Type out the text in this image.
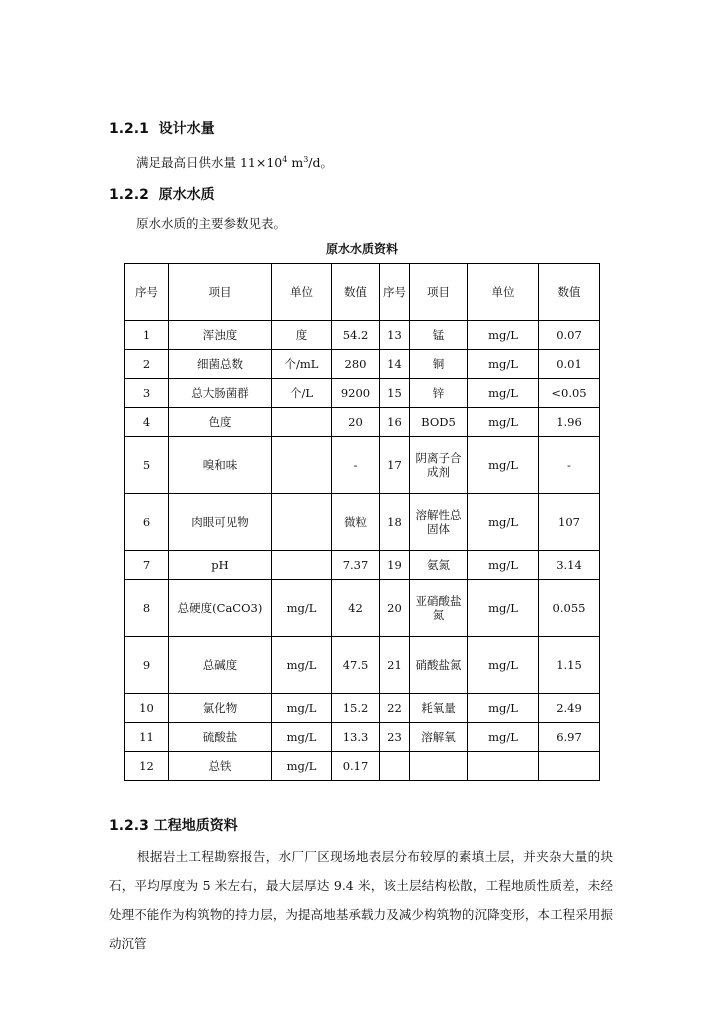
1.2.1 设计水量

满足最高日供水量 $11\times 10^4$ $m^3/d$。

1.2.2 原水水质

原水水质的主要参数见表。

原水水质资料
序号	项目	单位	数值	序号	项目	单位	数值
1	浑浊度	度	54.2	13	锰	mg/L	0.07
2	细菌总数	个/mL	280	14	铜	mg/L	0.01
3	总大肠菌群	个/L	9200	15	锌	mg/L	<0.05
4	色度		20	16	BOD5	mg/L	1.96
5	嗅和味		-	17	阴离子合成剂	mg/L	-
6	肉眼可见物		微粒	18	溶解性总固体	mg/L	107
7	pH		7.37	19	氨氮	mg/L	3.14
8	总硬度(CaCO3)	mg/L	42	20	亚硝酸盐氮	mg/L	0.055
9	总碱度	mg/L	47.5	21	硝酸盐氮	mg/L	1.15
10	氯化物	mg/L	15.2	22	耗氧量	mg/L	2.49
11	硫酸盐	mg/L	13.3	23	溶解氧	mg/L	6.97
12	总铁	mg/L	0.17				
1.2.3 工程地质资料

根据岩土工程勘察报告，水厂厂区现场地表层分布较厚的素填土层，并夹杂大量的块石，平均厚度为 5 米左右，最大层厚达 9.4 米，该土层结构松散，工程地质性质差，未经处理不能作为构筑物的持力层，为提高地基承载力及减少构筑物的沉降变形，本工程采用振动沉管
